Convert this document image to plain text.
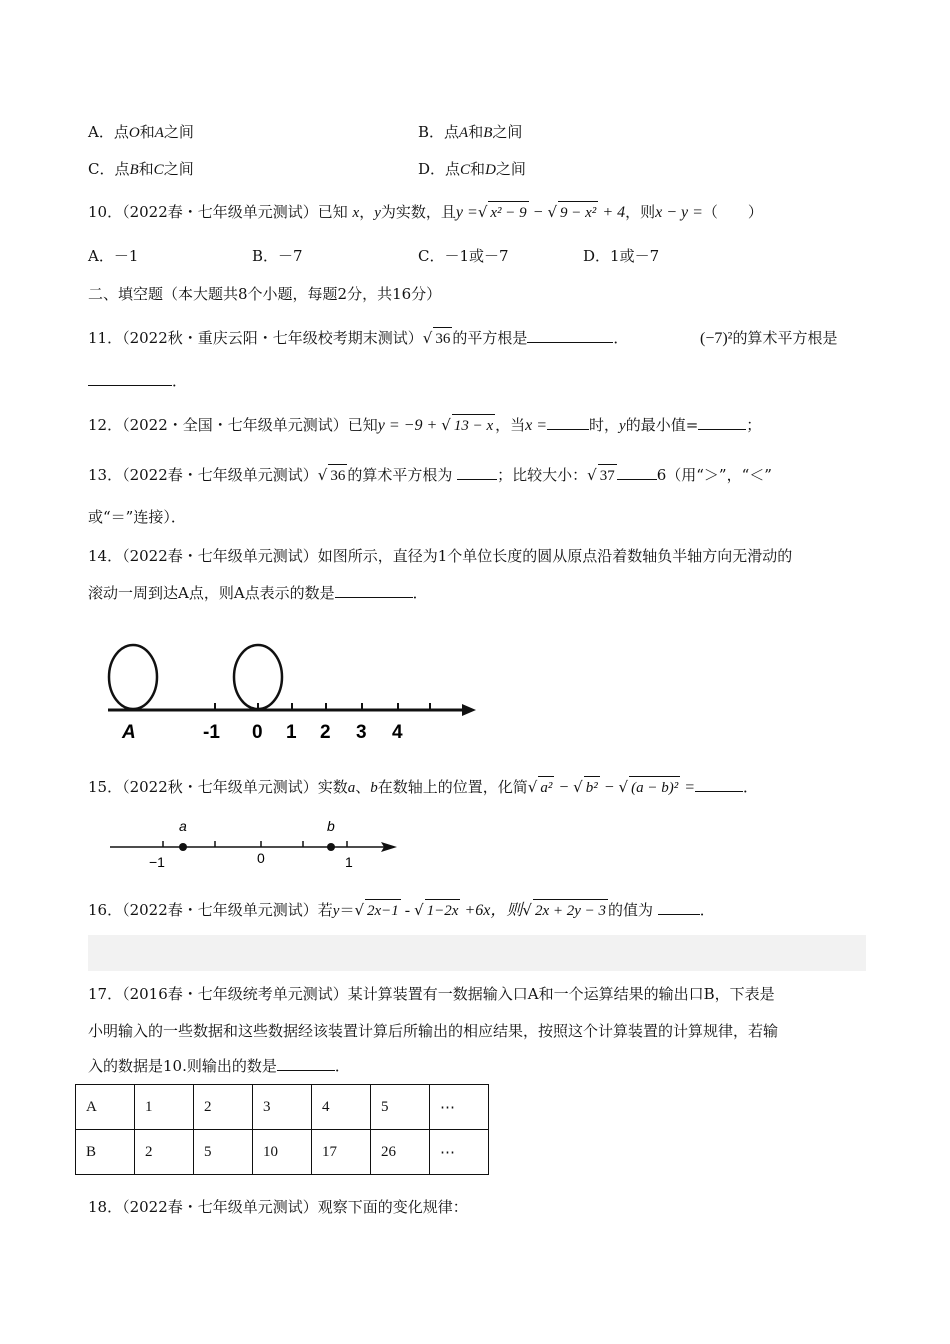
A．点O和A之间	B．点A和B之间
C．点B和C之间	D．点C和D之间
10．（2022春・七年级单元测试）已知 x，y为实数，且y =√ x² − 9 − √ 9 − x² + 4，则x − y =（　　）
A．－1	B．－7	C．－1或－7	D．1或－7
二、填空题（本大题共8个小题，每题2分，共16分）
11．（2022秋・重庆云阳・七年级校考期末测试）√ 36 的平方根是	．	(−7)²的算术平方根是
．
12．（2022・全国・七年级单元测试）已知y = −9 + √ 13 − x ，当x =	时，y的最小值=	；
13．（2022春・七年级单元测试）√ 36 的算术平方根为	；比较大小：√ 37	6（用“＞”，“＜”
或“＝”连接）．
14．（2022春・七年级单元测试）如图所示，直径为1个单位长度的圆从原点沿着数轴负半轴方向无滑动的
滚动一周到达A点，则A点表示的数是	．
A	-1 0 1 2 3 4
15．（2022秋・七年级单元测试）实数a、b在数轴上的位置，化简√ a² − √ b² − √ (a − b)² =	．
a	b
−1	0	1
16．（2022春・七年级单元测试）若y＝√ 2x−1 - √ 1−2x +6x，则√ 2x + 2y − 3 的值为	．
17．（2016春・七年级统考单元测试）某计算装置有一数据输入口A和一个运算结果的输出口B，下表是
小明输入的一些数据和这些数据经该装置计算后所输出的相应结果，按照这个计算装置的计算规律，若输
入的数据是10.则输出的数是	．
A	1	2	3	4	5	⋯
B	2	5	10	17	26	⋯
18．（2022春・七年级单元测试）观察下面的变化规律：
